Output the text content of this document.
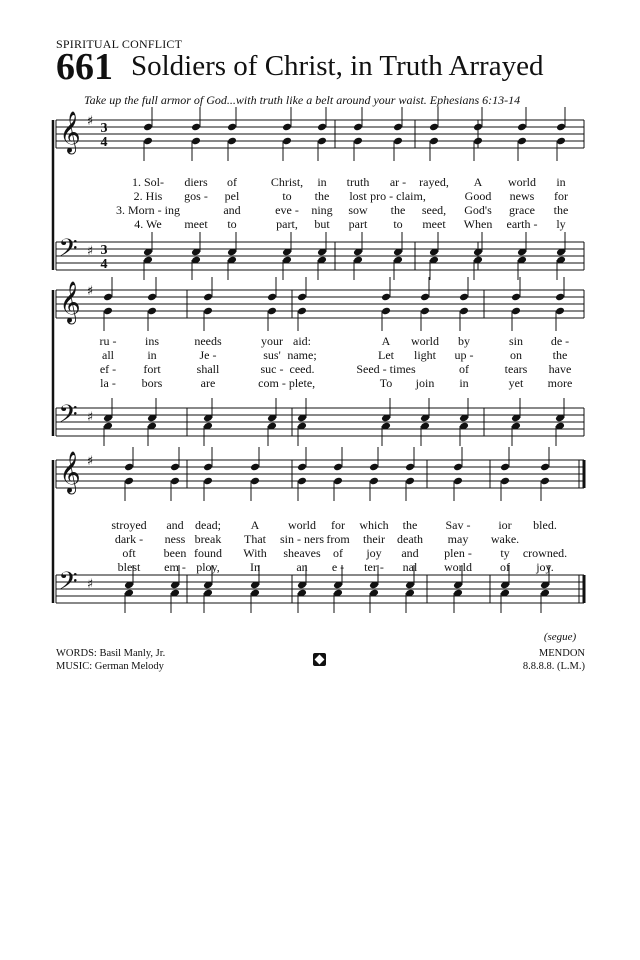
SPIRITUAL CONFLICT
661 Soldiers of Christ, in Truth Arrayed
Take up the full armor of God...with truth like a belt around your waist. Ephesians 6:13-14
𝄞 ♯ 3
4
𝄢 ♯ 3
4
1. Sol- diers of	Christ, in truth ar - rayed, A world in
2. His gos - pel	to the lost pro - claim,	Good news for
3. Morn - ing	and	eve - ning sow the seed, God's grace the
4. We meet to	part, but part to meet When earth - ly
𝄞 ♯
𝄢 ♯
ru - ins	needs	your aid:	A world by	sin de -
all	in	Je -	sus' name;	Let light up -	on	the
ef - fort	shall	suc - ceed.	Seed - times	of	tears have
la - bors	are	com - plete,	To join in	yet more
𝄞 ♯
𝄢 ♯
stroyed and dead; A world for which the Sav - ior bled.
dark - ness break That sin - ners from their death may wake.
oft been found With sheaves of joy and plen - ty crowned.
blest em - ploy,	In	an e - ter - nal world of joy.
(segue)
WORDS: Basil Manly, Jr.
MUSIC: German Melody
MENDON
8.8.8.8. (L.M.)
